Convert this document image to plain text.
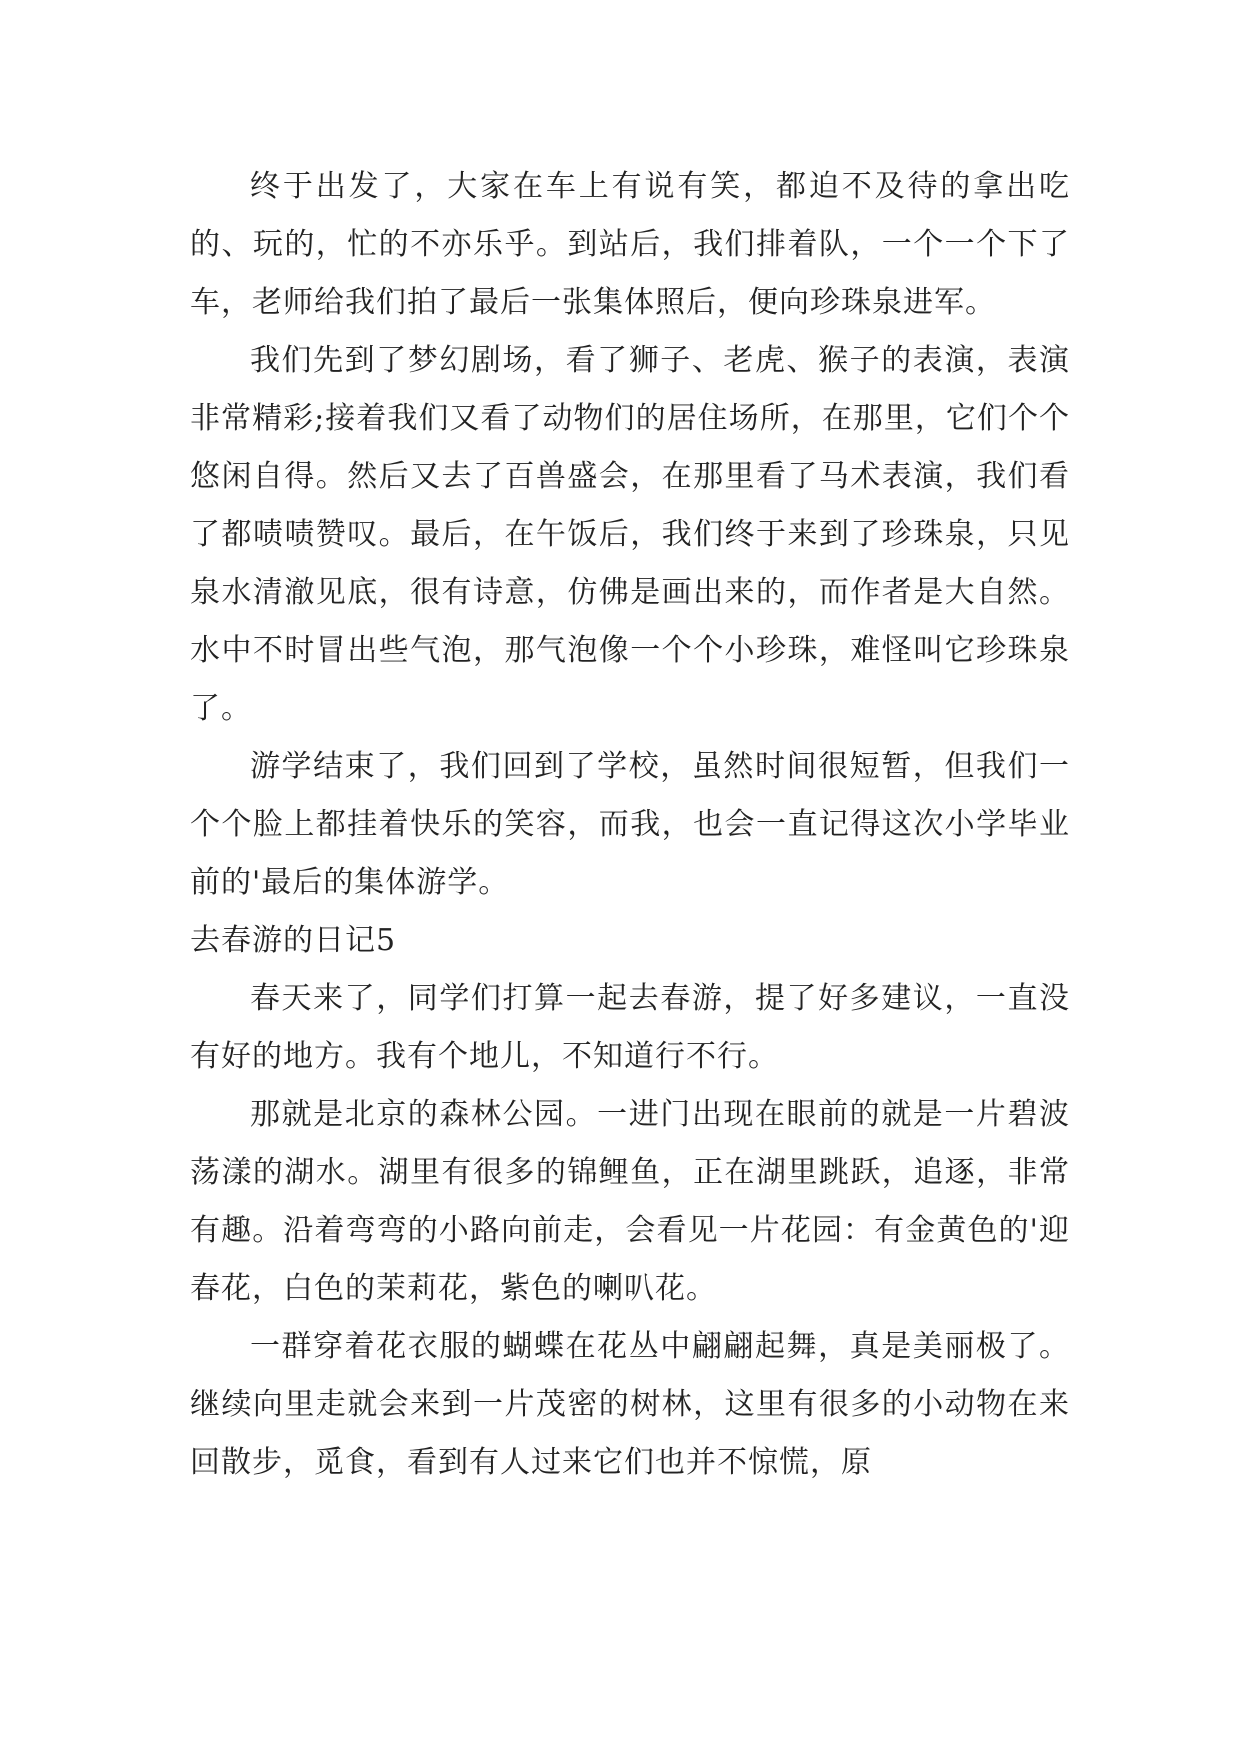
终于出发了，大家在车上有说有笑，都迫不及待的拿出吃的、玩的，忙的不亦乐乎。到站后，我们排着队，一个一个下了车，老师给我们拍了最后一张集体照后，便向珍珠泉进军。

我们先到了梦幻剧场，看了狮子、老虎、猴子的表演，表演非常精彩;接着我们又看了动物们的居住场所，在那里，它们个个悠闲自得。然后又去了百兽盛会，在那里看了马术表演，我们看了都啧啧赞叹。最后，在午饭后，我们终于来到了珍珠泉，只见泉水清澈见底，很有诗意，仿佛是画出来的，而作者是大自然。水中不时冒出些气泡，那气泡像一个个小珍珠，难怪叫它珍珠泉了。

游学结束了，我们回到了学校，虽然时间很短暂，但我们一个个脸上都挂着快乐的笑容，而我，也会一直记得这次小学毕业前的'最后的集体游学。

去春游的日记5

春天来了，同学们打算一起去春游，提了好多建议，一直没有好的地方。我有个地儿，不知道行不行。

那就是北京的森林公园。一进门出现在眼前的就是一片碧波荡漾的湖水。湖里有很多的锦鲤鱼，正在湖里跳跃，追逐，非常有趣。沿着弯弯的小路向前走，会看见一片花园：有金黄色的'迎春花，白色的茉莉花，紫色的喇叭花。

一群穿着花衣服的蝴蝶在花丛中翩翩起舞，真是美丽极了。继续向里走就会来到一片茂密的树林，这里有很多的小动物在来回散步，觅食，看到有人过来它们也并不惊慌，原
